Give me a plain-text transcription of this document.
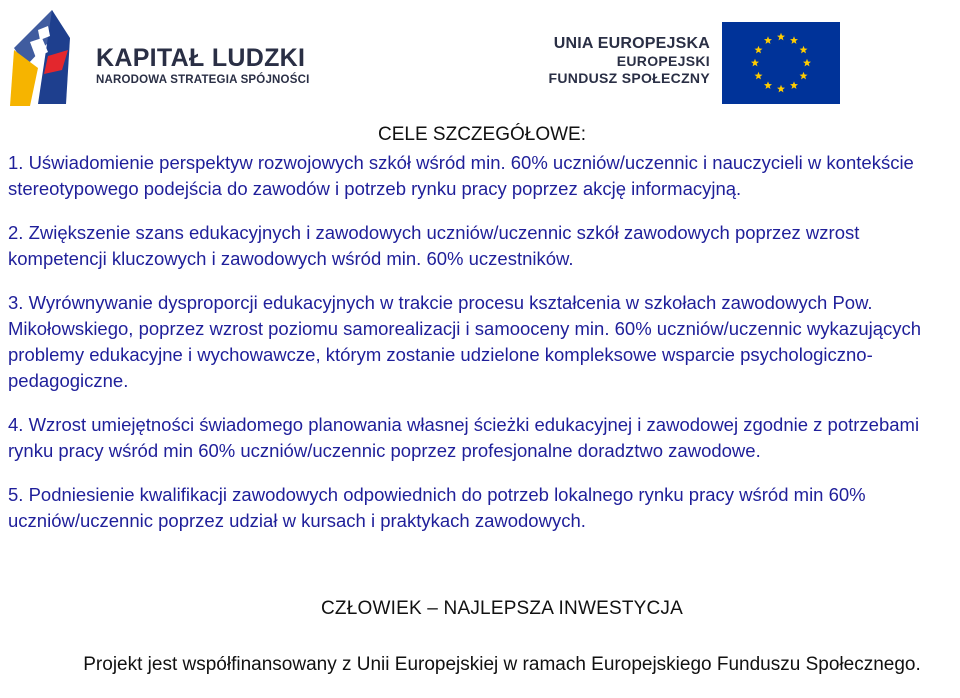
KAPITAŁ LUDZKI
NARODOWA STRATEGIA SPÓJNOŚCI
UNIA EUROPEJSKA
EUROPEJSKI
FUNDUSZ SPOŁECZNY
CELE SZCZEGÓŁOWE:
1. Uświadomienie perspektyw rozwojowych szkół wśród min. 60% uczniów/uczennic i nauczycieli w kontekście stereotypowego podejścia do zawodów i potrzeb rynku pracy poprzez akcję informacyjną.
2. Zwiększenie szans edukacyjnych i zawodowych uczniów/uczennic szkół zawodowych poprzez wzrost kompetencji kluczowych i zawodowych wśród min. 60% uczestników.
3. Wyrównywanie dysproporcji edukacyjnych w trakcie procesu kształcenia w szkołach zawodowych Pow. Mikołowskiego, poprzez wzrost poziomu samorealizacji i samooceny min. 60% uczniów/uczennic wykazujących problemy edukacyjne i wychowawcze, którym zostanie udzielone kompleksowe wsparcie psychologiczno-pedagogiczne.
4. Wzrost umiejętności świadomego planowania własnej ścieżki edukacyjnej i zawodowej zgodnie z potrzebami rynku pracy wśród min 60% uczniów/uczennic poprzez profesjonalne doradztwo zawodowe.
5. Podniesienie kwalifikacji zawodowych odpowiednich do potrzeb lokalnego rynku pracy wśród min 60% uczniów/uczennic poprzez udział w kursach i praktykach zawodowych.
CZŁOWIEK – NAJLEPSZA INWESTYCJA
Projekt jest współfinansowany z Unii Europejskiej w ramach Europejskiego Funduszu Społecznego.
